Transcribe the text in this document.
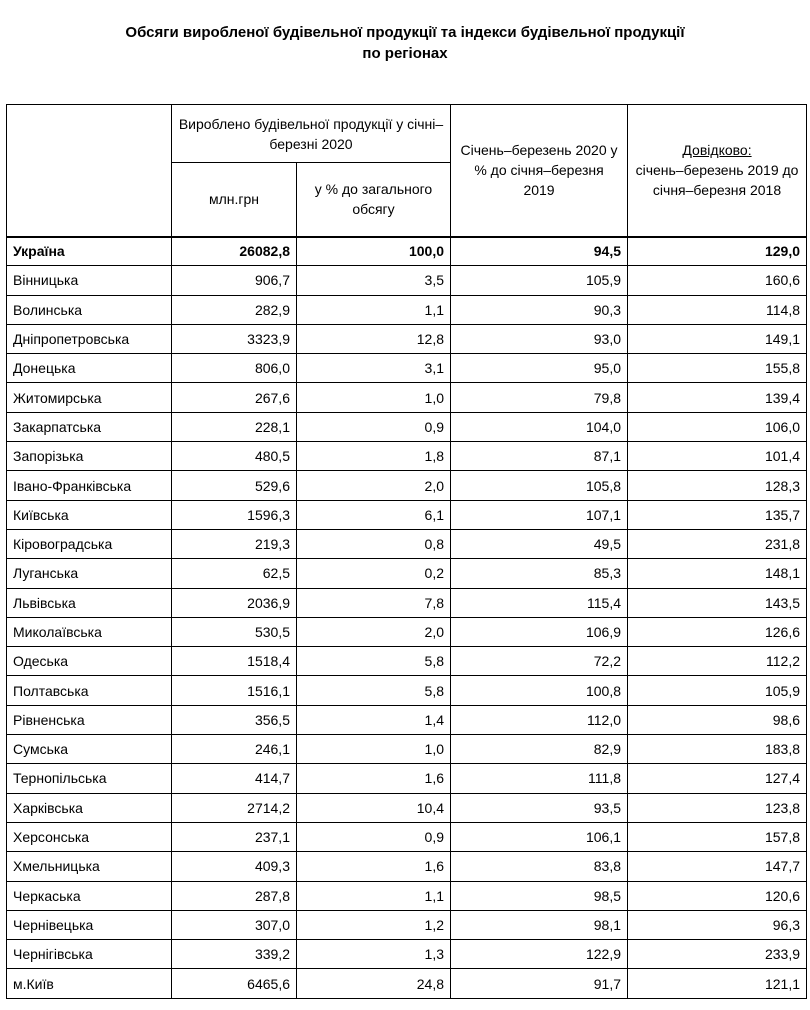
Обсяги виробленої будівельної продукції та індекси будівельної продукції
по регіонах
	Вироблено будівельної продукції у січні–березні 2020		Січень–березень 2020 у % до січня–березня 2019	Довідково:
січень–березень 2019 до січня–березня 2018

	млн.грн	у % до загального обсягу		
Україна	26082,8	100,0	94,5	129,0
Вінницька	906,7	3,5	105,9	160,6
Волинська	282,9	1,1	90,3	114,8
Дніпропетровська	3323,9	12,8	93,0	149,1
Донецька	806,0	3,1	95,0	155,8
Житомирська	267,6	1,0	79,8	139,4
Закарпатська	228,1	0,9	104,0	106,0
Запорізька	480,5	1,8	87,1	101,4
Івано-Франківська	529,6	2,0	105,8	128,3
Київська	1596,3	6,1	107,1	135,7
Кіровоградська	219,3	0,8	49,5	231,8
Луганська	62,5	0,2	85,3	148,1
Львівська	2036,9	7,8	115,4	143,5
Миколаївська	530,5	2,0	106,9	126,6
Одеська	1518,4	5,8	72,2	112,2
Полтавська	1516,1	5,8	100,8	105,9
Рівненська	356,5	1,4	112,0	98,6
Сумська	246,1	1,0	82,9	183,8
Тернопільська	414,7	1,6	111,8	127,4
Харківська	2714,2	10,4	93,5	123,8
Херсонська	237,1	0,9	106,1	157,8
Хмельницька	409,3	1,6	83,8	147,7
Черкаська	287,8	1,1	98,5	120,6
Чернівецька	307,0	1,2	98,1	96,3
Чернігівська	339,2	1,3	122,9	233,9
м.Київ	6465,6	24,8	91,7	121,1
